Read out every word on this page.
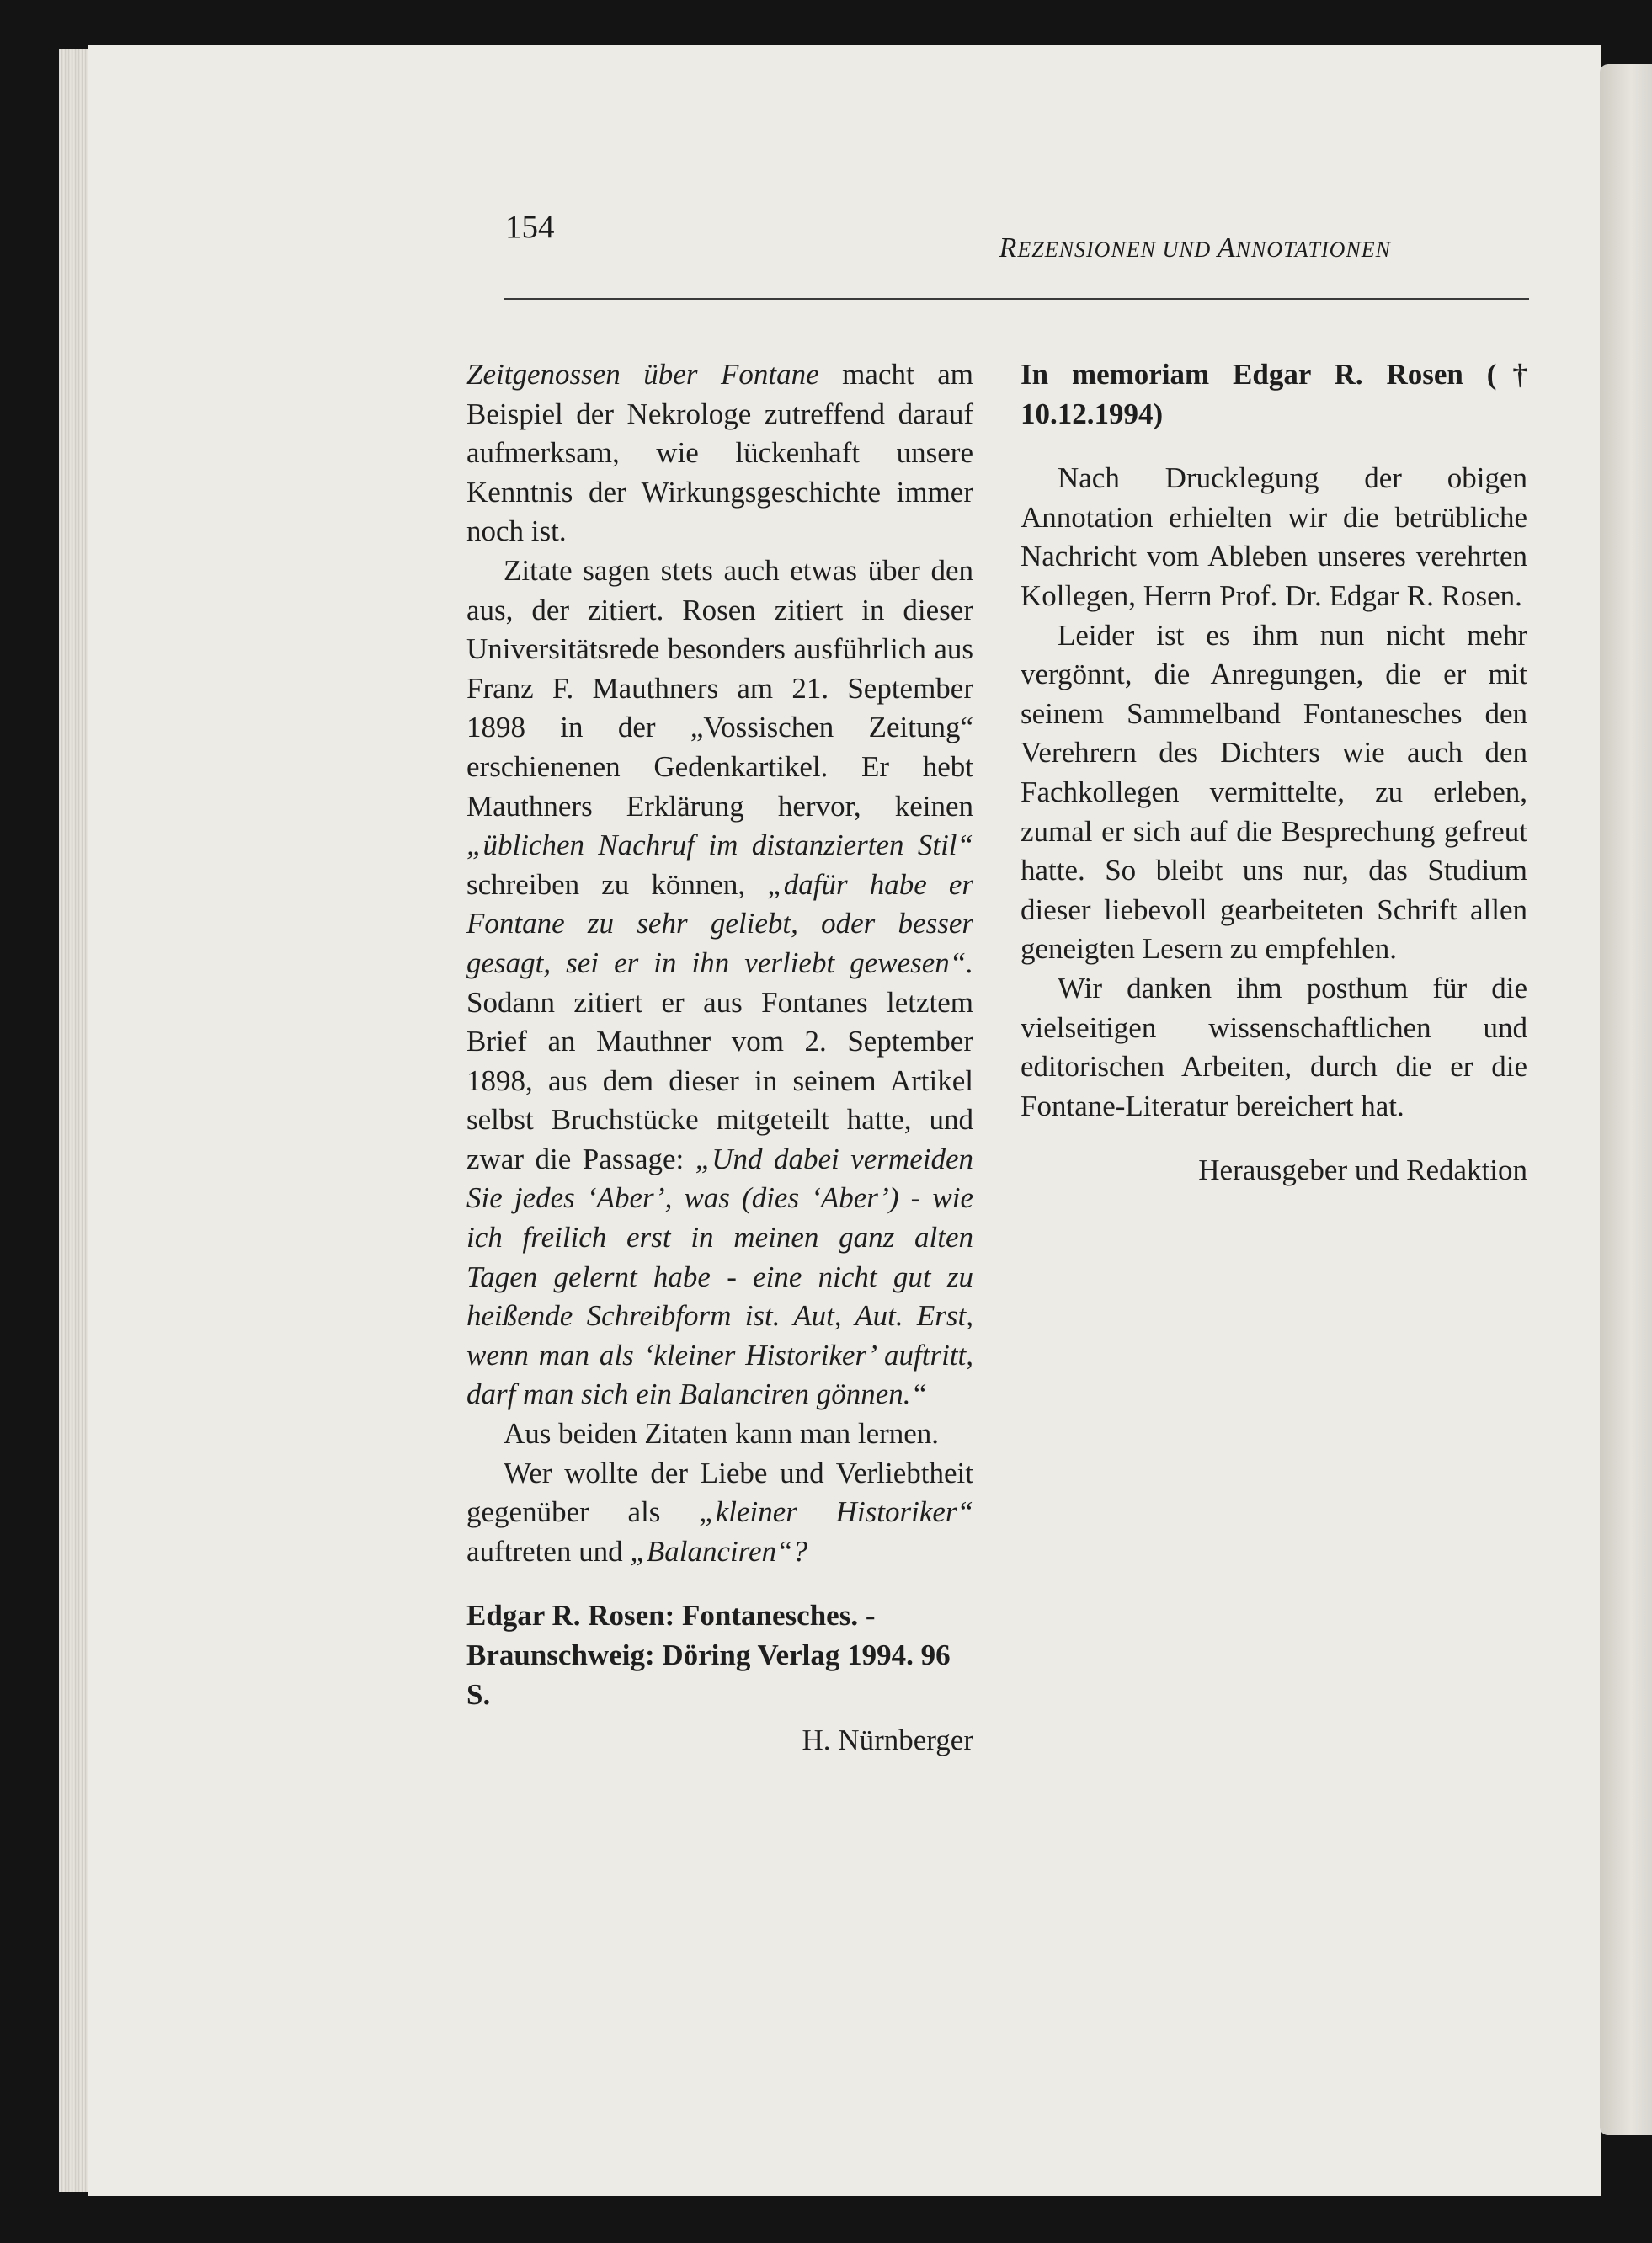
154
REZENSIONEN UND ANNOTATIONEN

Zeitgenossen über Fontane macht am Beispiel der Nekrologe zutreffend darauf aufmerksam, wie lückenhaft unsere Kenntnis der Wirkungsgeschichte immer noch ist.

Zitate sagen stets auch etwas über den aus, der zitiert. Rosen zitiert in dieser Universitätsrede besonders ausführlich aus Franz F. Mauthners am 21. September 1898 in der „Vossischen Zeitung“ erschienenen Gedenkartikel. Er hebt Mauthners Erklärung hervor, keinen „üblichen Nachruf im distanzierten Stil“ schreiben zu können, „dafür habe er Fontane zu sehr geliebt, oder besser gesagt, sei er in ihn verliebt gewesen“. Sodann zitiert er aus Fontanes letztem Brief an Mauthner vom 2. September 1898, aus dem dieser in seinem Artikel selbst Bruchstücke mitgeteilt hatte, und zwar die Passage: „Und dabei vermeiden Sie jedes ‘Aber’, was (dies ‘Aber’) - wie ich freilich erst in meinen ganz alten Tagen gelernt habe - eine nicht gut zu heißende Schreibform ist. Aut, Aut. Erst, wenn man als ‘kleiner Historiker’ auftritt, darf man sich ein Balanciren gönnen.“

Aus beiden Zitaten kann man lernen.

Wer wollte der Liebe und Verliebtheit gegenüber als „kleiner Historiker“ auftreten und „Balanciren“?

Edgar R. Rosen: Fontanesches. - Braunschweig: Döring Verlag 1994. 96 S.

H. Nürnberger

In memoriam Edgar R. Rosen († 10.12.1994)

Nach Drucklegung der obigen Annotation erhielten wir die betrübliche Nachricht vom Ableben unseres verehrten Kollegen, Herrn Prof. Dr. Edgar R. Rosen.

Leider ist es ihm nun nicht mehr vergönnt, die Anregungen, die er mit seinem Sammelband Fontanesches den Verehrern des Dichters wie auch den Fachkollegen vermittelte, zu erleben, zumal er sich auf die Besprechung gefreut hatte. So bleibt uns nur, das Studium dieser liebevoll gearbeiteten Schrift allen geneigten Lesern zu empfehlen.

Wir danken ihm posthum für die vielseitigen wissenschaftlichen und editorischen Arbeiten, durch die er die Fontane-Literatur bereichert hat.

Herausgeber und Redaktion
